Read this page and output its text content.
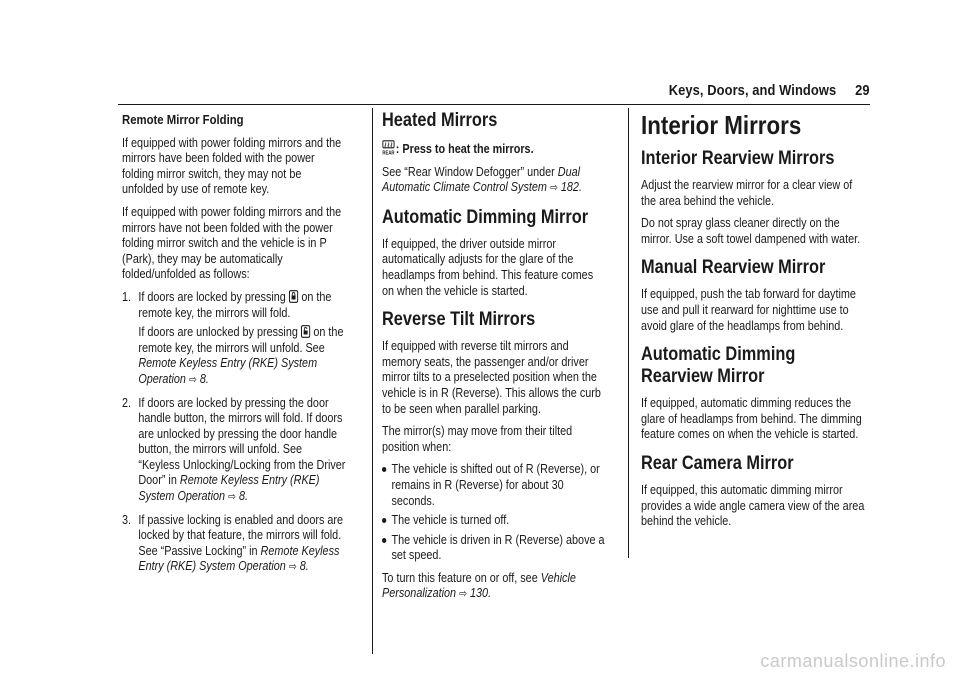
Keys, Doors, and Windows 29
Remote Mirror Folding

If equipped with power folding mirrors and the mirrors have been folded with the power folding mirror switch, they may not be unfolded by use of remote key.

If equipped with power folding mirrors and the mirrors have not been folded with the power folding mirror switch and the vehicle is in P (Park), they may be automatically folded/unfolded as follows:

1. If doors are locked by pressing on the remote key, the mirrors will fold.
If doors are unlocked by pressing on the remote key, the mirrors will unfold. See Remote Keyless Entry (RKE) System Operation ⇨ 8.
2. If doors are locked by pressing the door handle button, the mirrors will fold. If doors are unlocked by pressing the door handle button, the mirrors will unfold. See “Keyless Unlocking/Locking from the Driver Door” in Remote Keyless Entry (RKE) System Operation ⇨ 8.
3. If passive locking is enabled and doors are locked by that feature, the mirrors will fold. See “Passive Locking” in Remote Keyless Entry (RKE) System Operation ⇨ 8.
Heated Mirrors

REAR : Press to heat the mirrors.

See “Rear Window Defogger” under Dual Automatic Climate Control System ⇨ 182.

Automatic Dimming Mirror

If equipped, the driver outside mirror automatically adjusts for the glare of the headlamps from behind. This feature comes on when the vehicle is started.

Reverse Tilt Mirrors

If equipped with reverse tilt mirrors and memory seats, the passenger and/or driver mirror tilts to a preselected position when the vehicle is in R (Reverse). This allows the curb to be seen when parallel parking.

The mirror(s) may move from their tilted position when:

The vehicle is shifted out of R (Reverse), or remains in R (Reverse) for about 30 seconds.
The vehicle is turned off.
The vehicle is driven in R (Reverse) above a set speed.

To turn this feature on or off, see Vehicle Personalization ⇨ 130.

Interior Mirrors
Interior Rearview Mirrors

Adjust the rearview mirror for a clear view of the area behind the vehicle.

Do not spray glass cleaner directly on the mirror. Use a soft towel dampened with water.

Manual Rearview Mirror

If equipped, push the tab forward for daytime use and pull it rearward for nighttime use to avoid glare of the headlamps from behind.

Automatic Dimming Rearview Mirror

If equipped, automatic dimming reduces the glare of headlamps from behind. The dimming feature comes on when the vehicle is started.

Rear Camera Mirror

If equipped, this automatic dimming mirror provides a wide angle camera view of the area behind the vehicle.

carmanualsonline.info
